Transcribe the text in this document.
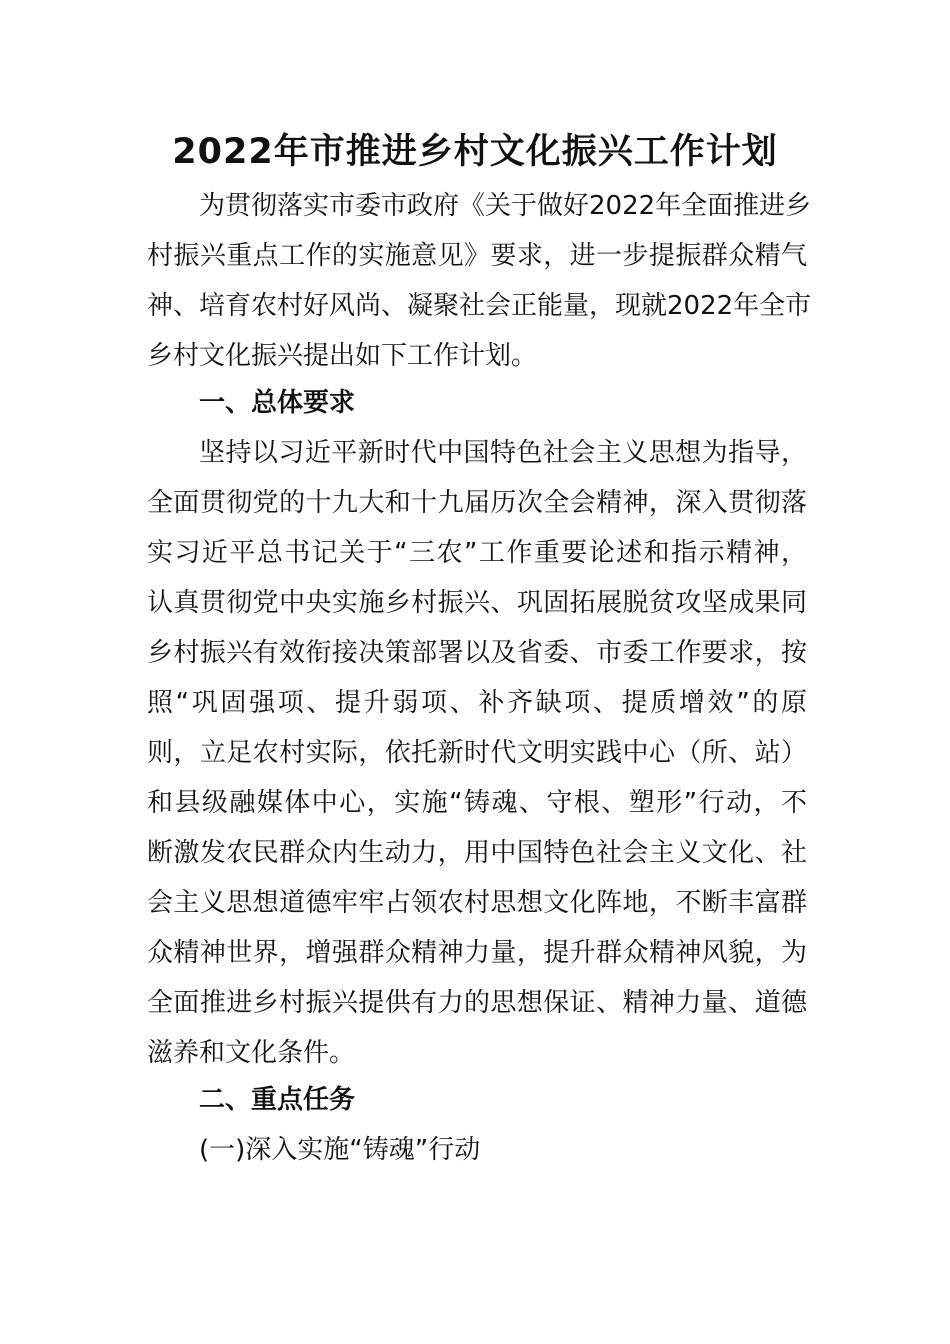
2022年市推进乡村文化振兴工作计划
为贯彻落实市委市政府《关于做好2022年全面推进乡
村振兴重点工作的实施意见》要求，进一步提振群众精气
神、培育农村好风尚、凝聚社会正能量，现就2022年全市
乡村文化振兴提出如下工作计划。
一、总体要求
坚持以习近平新时代中国特色社会主义思想为指导，
全面贯彻党的十九大和十九届历次全会精神，深入贯彻落
实习近平总书记关于“三农”工作重要论述和指示精神，
认真贯彻党中央实施乡村振兴、巩固拓展脱贫攻坚成果同
乡村振兴有效衔接决策部署以及省委、市委工作要求，按
照“巩固强项、提升弱项、补齐缺项、提质增效”的原
则，立足农村实际，依托新时代文明实践中心（所、站）
和县级融媒体中心，实施“铸魂、守根、塑形”行动，不
断激发农民群众内生动力，用中国特色社会主义文化、社
会主义思想道德牢牢占领农村思想文化阵地，不断丰富群
众精神世界，增强群众精神力量，提升群众精神风貌，为
全面推进乡村振兴提供有力的思想保证、精神力量、道德
滋养和文化条件。
二、重点任务
(一)深入实施“铸魂”行动
